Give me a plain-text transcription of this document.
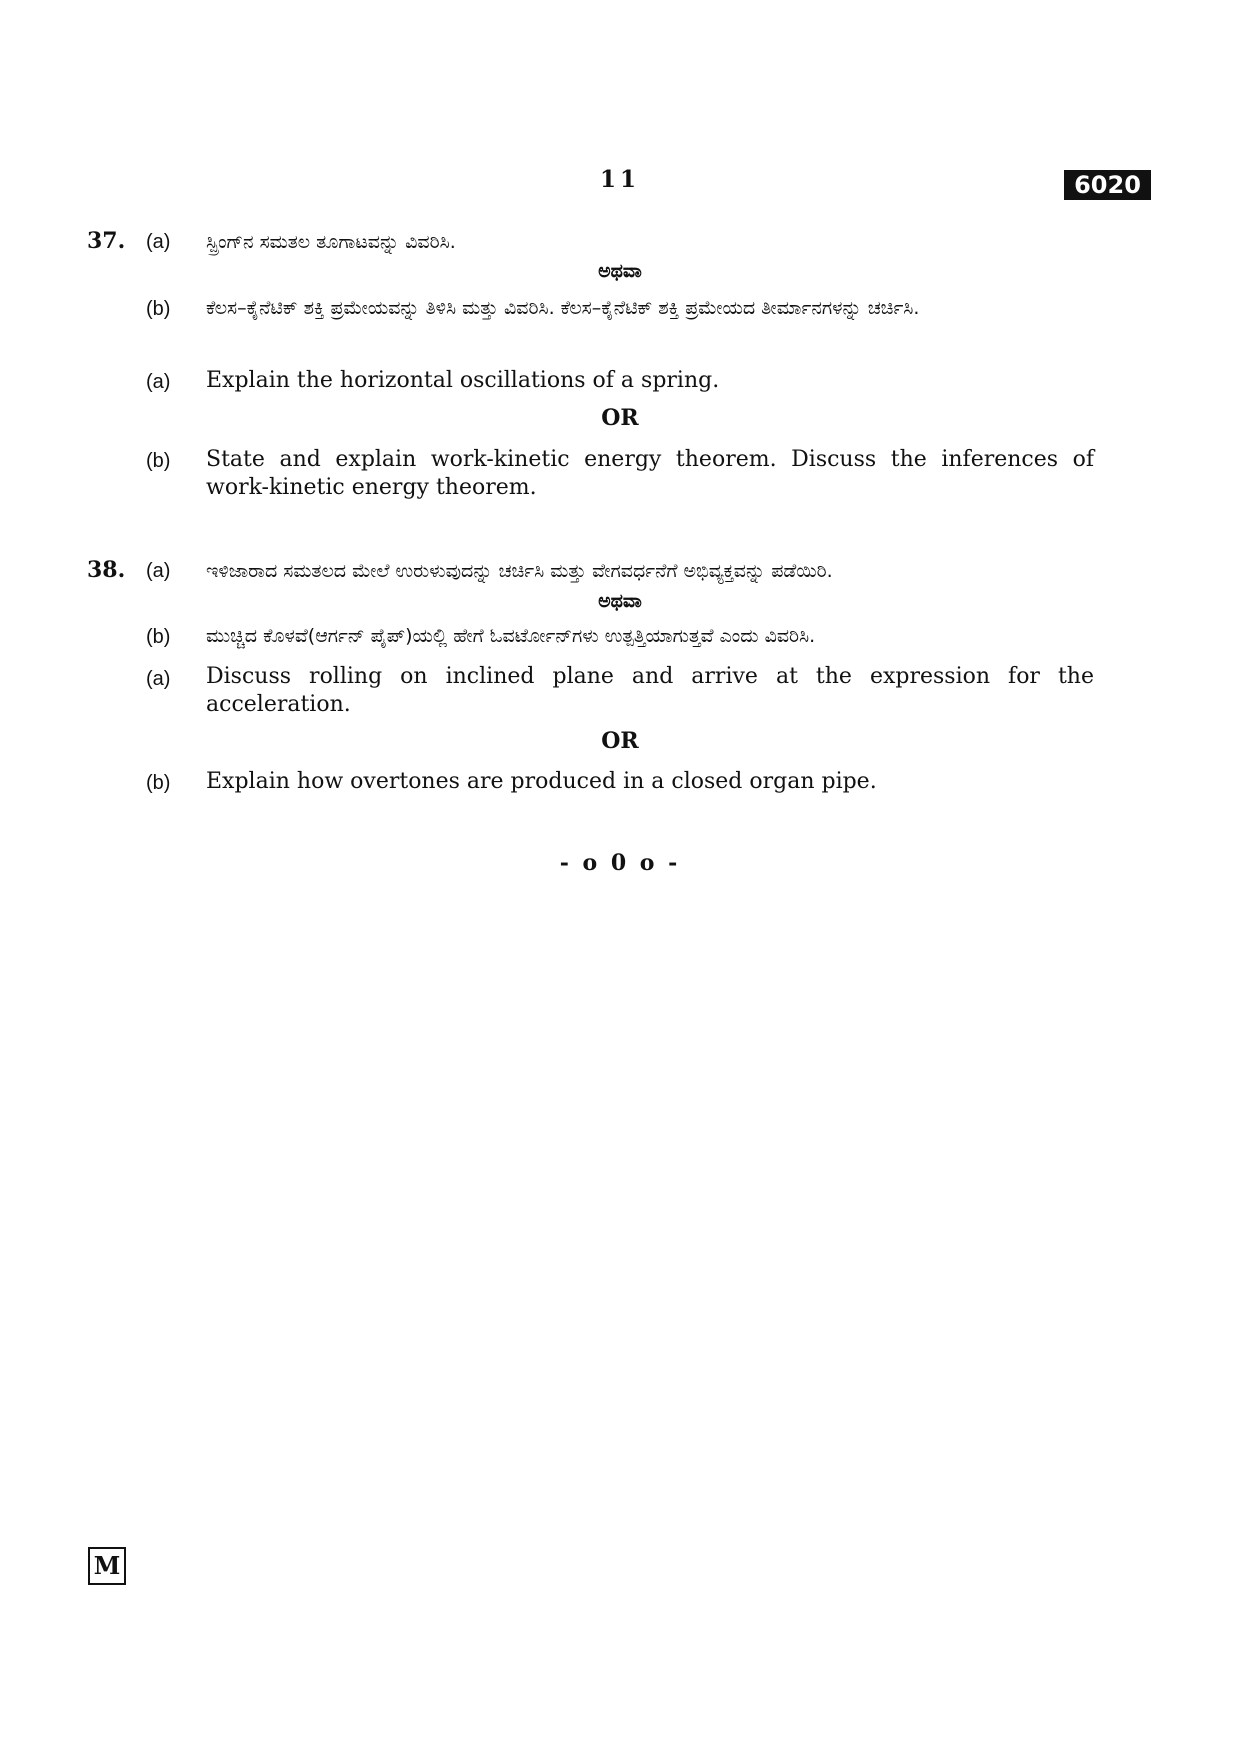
11	6020
37. (a) ಸ್ಪ್ರಿಂಗ್‌ನ ಸಮತಲ ತೂಗಾಟವನ್ನು ವಿವರಿಸಿ.
ಅಥವಾ
(b) ಕೆಲಸ–ಕೈನೆಟಿಕ್ ಶಕ್ತಿ ಪ್ರಮೇಯವನ್ನು ತಿಳಿಸಿ ಮತ್ತು ವಿವರಿಸಿ. ಕೆಲಸ–ಕೈನೆಟಿಕ್ ಶಕ್ತಿ ಪ್ರಮೇಯದ ತೀರ್ಮಾನಗಳನ್ನು ಚರ್ಚಿಸಿ.
(a) Explain the horizontal oscillations of a spring.
OR
(b) State and explain work-kinetic energy theorem. Discuss the inferences of work-kinetic energy theorem.
38. (a) ಇಳಿಜಾರಾದ ಸಮತಲದ ಮೇಲೆ ಉರುಳುವುದನ್ನು ಚರ್ಚಿಸಿ ಮತ್ತು ವೇಗವರ್ಧನೆಗೆ ಅಭಿವ್ಯಕ್ತವನ್ನು ಪಡೆಯಿರಿ.
ಅಥವಾ
(b) ಮುಚ್ಚಿದ ಕೊಳವೆ(ಆರ್ಗನ್ ಪೈಪ್)ಯಲ್ಲಿ ಹೇಗೆ ಓವರ್ಟೋನ್‌ಗಳು ಉತ್ಪತ್ತಿಯಾಗುತ್ತವೆ ಎಂದು ವಿವರಿಸಿ.
(a) Discuss rolling on inclined plane and arrive at the expression for the acceleration.
OR
(b) Explain how overtones are produced in a closed organ pipe.
- o 0 o -
M
